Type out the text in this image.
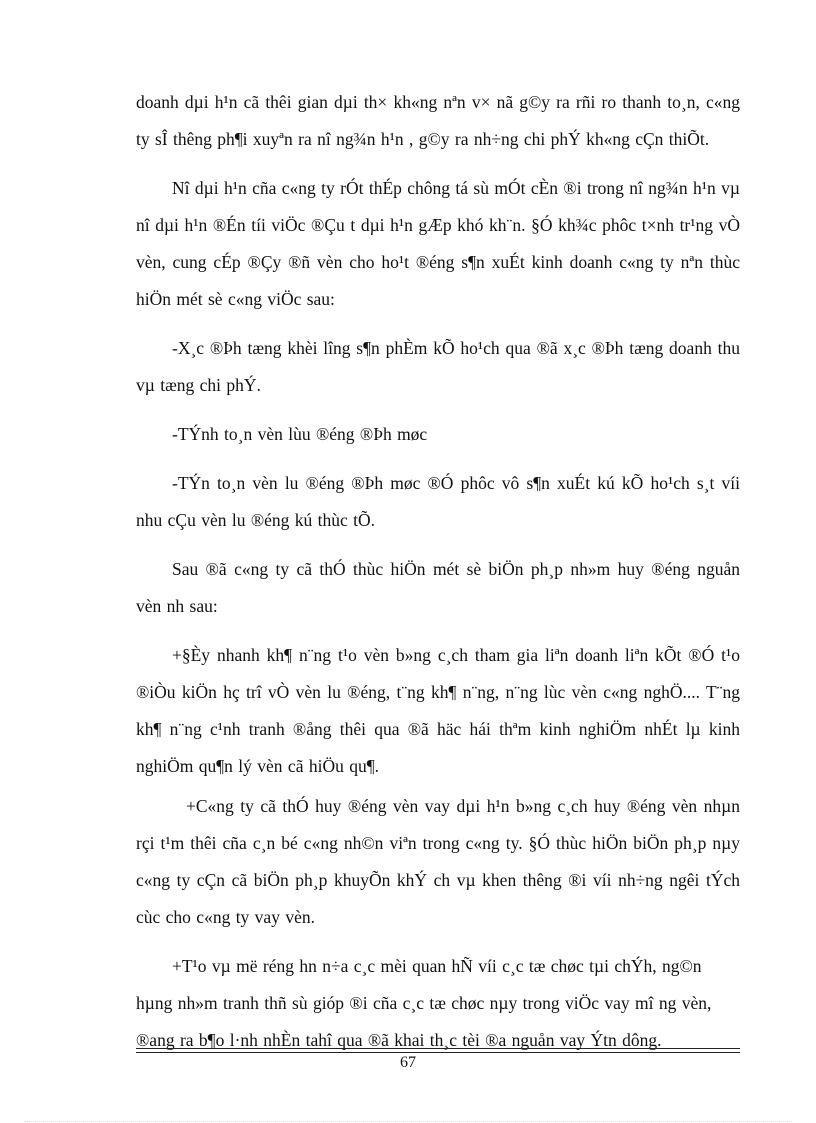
doanh dµi h¹n cã thêi gian dµi th× kh«ng nªn v× nã g©y ra rñi ro thanh to¸n, c«ng ty sÎ thêng ph¶i xuyªn ra nî ng¾n h¹n , g©y ra nh÷ng chi phÝ kh«ng cÇn thiÕt.

Nî dµi h¹n cña c«ng ty rÓt thÉp chông tá sù mÓt cÈn ®i trong nî ng¾n h¹n vµ nî dµi h¹n ®Én tíi viÖc ®Çu t dµi h¹n gÆp khó kh¨n. §Ó kh¾c phôc t×nh tr¹ng vÒ vèn, cung cÉp ®Çy ®ñ vèn cho ho¹t ®éng s¶n xuÉt kinh doanh c«ng ty nªn thùc hiÖn mét sè c«ng viÖc sau:

-X¸c ®Þh tæng khèi lîng s¶n phÈm kÕ ho¹ch qua ®ã x¸c ®Þh tæng doanh thu vµ tæng chi phÝ.

-TÝnh to¸n vèn lùu ®éng ®Þh møc

-TÝn to¸n vèn lu ®éng ®Þh møc ®Ó phôc vô s¶n xuÉt kú kÕ ho¹ch s¸t víi nhu cÇu vèn lu ®éng kú thùc tÕ.

Sau ®ã c«ng ty cã thÓ thùc hiÖn mét sè biÖn ph¸p nh»m huy ®éng nguån vèn nh sau:

+§Èy nhanh kh¶ n¨ng t¹o vèn b»ng c¸ch tham gia liªn doanh liªn kÕt ®Ó t¹o ®iÒu kiÖn hç trî vÒ vèn lu ®éng, t¨ng kh¶ n¨ng, n¨ng lùc vèn c«ng nghÖ.... T¨ng kh¶ n¨ng c¹nh tranh ®ång thêi qua ®ã häc hái thªm kinh nghiÖm nhÉt lµ kinh nghiÖm qu¶n lý vèn cã hiÖu qu¶.

+C«ng ty cã thÓ huy ®éng vèn vay dµi h¹n b»ng c¸ch huy ®éng vèn nhµn rçi t¹m thêi cña c¸n bé c«ng nh©n viªn trong c«ng ty. §Ó thùc hiÖn biÖn ph¸p nµy c«ng ty cÇn cã biÖn ph¸p khuyÕn khÝ ch vµ khen thêng ®i víi nh÷ng ngêi tÝch cùc cho c«ng ty vay vèn.

+T¹o vµ më réng hn n÷a c¸c mèi quan hÑ víi c¸c tæ chøc tµi chÝh, ng©n hµng nh»m tranh thñ sù gióp ®i cña c¸c tæ chøc nµy trong viÖc vay mî ng vèn, ®ang ra b¶o l·nh nhÈn tahî qua ®ã khai th¸c tèi ®a nguån vay Ýtn dông.

67
